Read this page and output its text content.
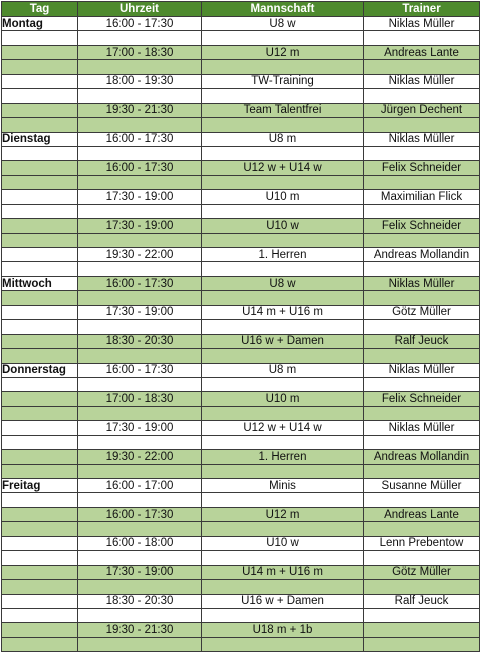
Tag	Uhrzeit	Mannschaft	Trainer
Montag	16:00 - 17:30	U8 w	Niklas Müller

	17:00 - 18:30	U12 m	Andreas Lante

	18:00 - 19:30	TW-Training	Niklas Müller

	19:30 - 21:30	Team Talentfrei	Jürgen Dechent

Dienstag	16:00 - 17:30	U8 m	Niklas Müller

	16:00 - 17:30	U12 w + U14 w	Felix Schneider

	17:30 - 19:00	U10 m	Maximilian Flick

	17:30 - 19:00	U10 w	Felix Schneider

	19:30 - 22:00	1. Herren	Andreas Mollandin

Mittwoch	16:00 - 17:30	U8 w	Niklas Müller

	17:30 - 19:00	U14 m + U16 m	Götz Müller

	18:30 - 20:30	U16 w + Damen	Ralf Jeuck

Donnerstag	16:00 - 17:30	U8 m	Niklas Müller

	17:00 - 18:30	U10 m	Felix Schneider

	17:30 - 19:00	U12 w + U14 w	Niklas Müller

	19:30 - 22:00	1. Herren	Andreas Mollandin

Freitag	16:00 - 17:00	Minis	Susanne Müller

	16:00 - 17:30	U12 m	Andreas Lante

	16:00 - 18:00	U10 w	Lenn Prebentow

	17:30 - 19:00	U14 m + U16 m	Götz Müller

	18:30 - 20:30	U16 w + Damen	Ralf Jeuck

	19:30 - 21:30	U18 m + 1b	
